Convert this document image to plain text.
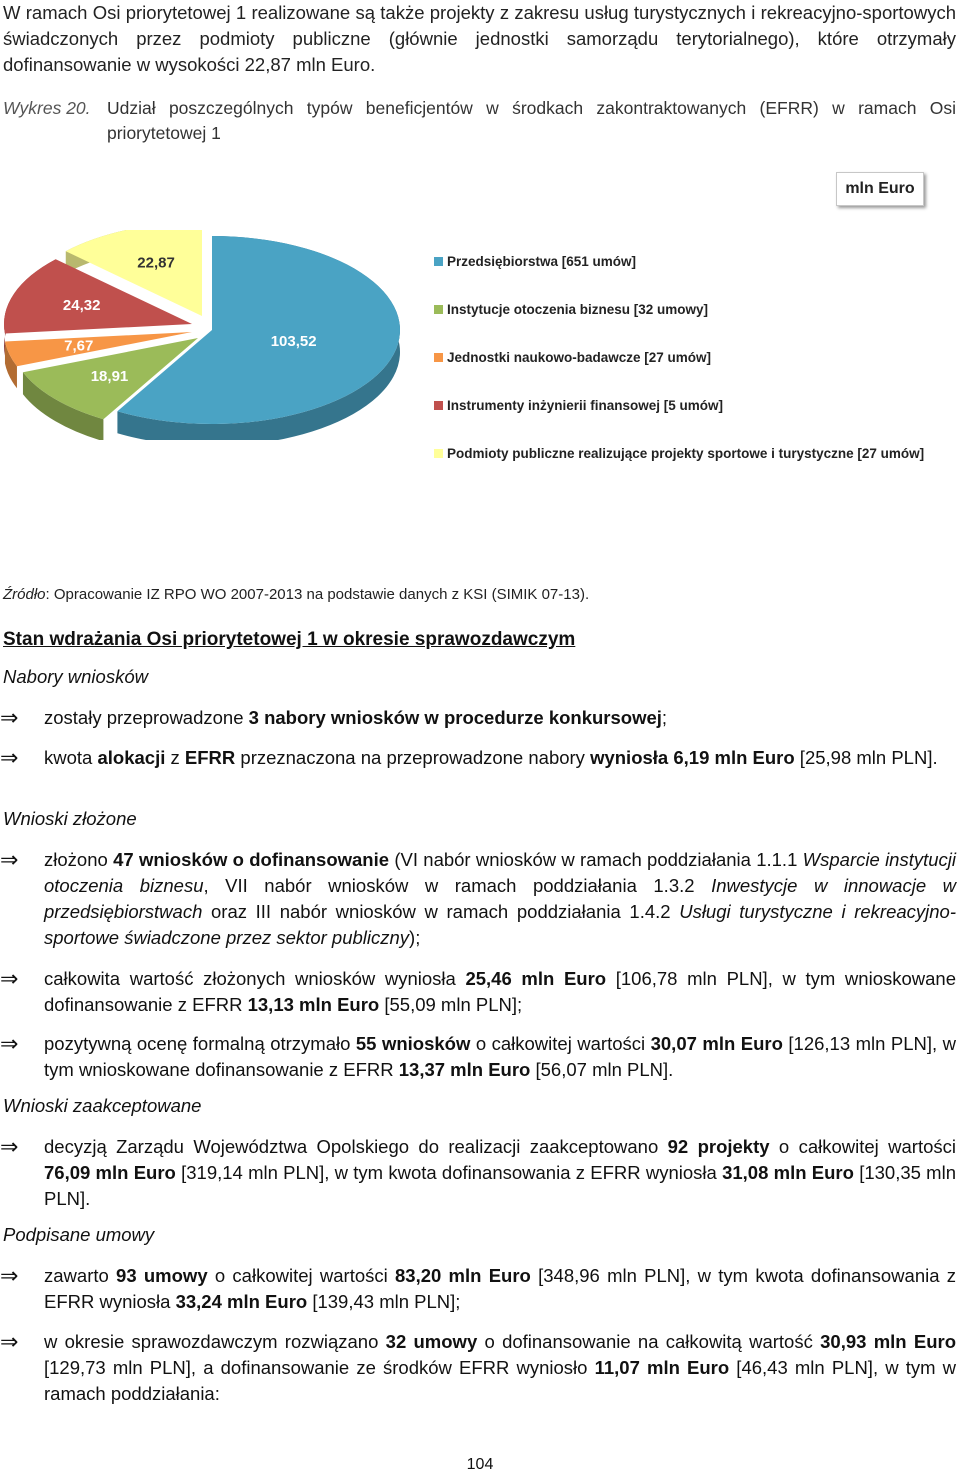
W ramach Osi priorytetowej 1 realizowane są także projekty z zakresu usług turystycznych i rekreacyjno-sportowych świadczonych przez podmioty publiczne (głównie jednostki samorządu terytorialnego), które otrzymały dofinansowanie w wysokości 22,87 mln Euro.
Wykres 20. Udział poszczególnych typów beneficjentów w środkach zakontraktowanych (EFRR) w ramach Osi priorytetowej 1
mln Euro
103,52
18,91
7,67
24,32
22,87	Przedsiębiorstwa [651 umów]
Instytucje otoczenia biznesu [32 umowy]
Jednostki naukowo-badawcze [27 umów]
Instrumenty inżynierii finansowej [5 umów]
Podmioty publiczne realizujące projekty sportowe i turystyczne [27 umów]
Źródło: Opracowanie IZ RPO WO 2007-2013 na podstawie danych z KSI (SIMIK 07-13).
Stan wdrażania Osi priorytetowej 1 w okresie sprawozdawczym
Nabory wniosków
⇒	zostały przeprowadzone 3 nabory wniosków w procedurze konkursowej;
⇒	kwota alokacji z EFRR przeznaczona na przeprowadzone nabory wyniosła 6,19 mln Euro [25,98 mln PLN].
Wnioski złożone
⇒	złożono 47 wniosków o dofinansowanie (VI nabór wniosków w ramach poddziałania 1.1.1 Wsparcie instytucji otoczenia biznesu, VII nabór wniosków w ramach poddziałania 1.3.2 Inwestycje w innowacje w przedsiębiorstwach oraz III nabór wniosków w ramach poddziałania 1.4.2 Usługi turystyczne i rekreacyjno-sportowe świadczone przez sektor publiczny);
⇒	całkowita wartość złożonych wniosków wyniosła 25,46 mln Euro [106,78 mln PLN], w tym wnioskowane dofinansowanie z EFRR 13,13 mln Euro [55,09 mln PLN];
⇒	pozytywną ocenę formalną otrzymało 55 wniosków o całkowitej wartości 30,07 mln Euro [126,13 mln PLN], w tym wnioskowane dofinansowanie z EFRR 13,37 mln Euro [56,07 mln PLN].
Wnioski zaakceptowane
⇒	decyzją Zarządu Województwa Opolskiego do realizacji zaakceptowano 92 projekty o całkowitej wartości 76,09 mln Euro [319,14 mln PLN], w tym kwota dofinansowania z EFRR wyniosła 31,08 mln Euro [130,35 mln PLN].
Podpisane umowy
⇒	zawarto 93 umowy o całkowitej wartości 83,20 mln Euro [348,96 mln PLN], w tym kwota dofinansowania z EFRR wyniosła 33,24 mln Euro [139,43 mln PLN];
⇒	w okresie sprawozdawczym rozwiązano 32 umowy o dofinansowanie na całkowitą wartość 30,93 mln Euro [129,73 mln PLN], a dofinansowanie ze środków EFRR wyniosło 11,07 mln Euro [46,43 mln PLN], w tym w ramach poddziałania:
104
